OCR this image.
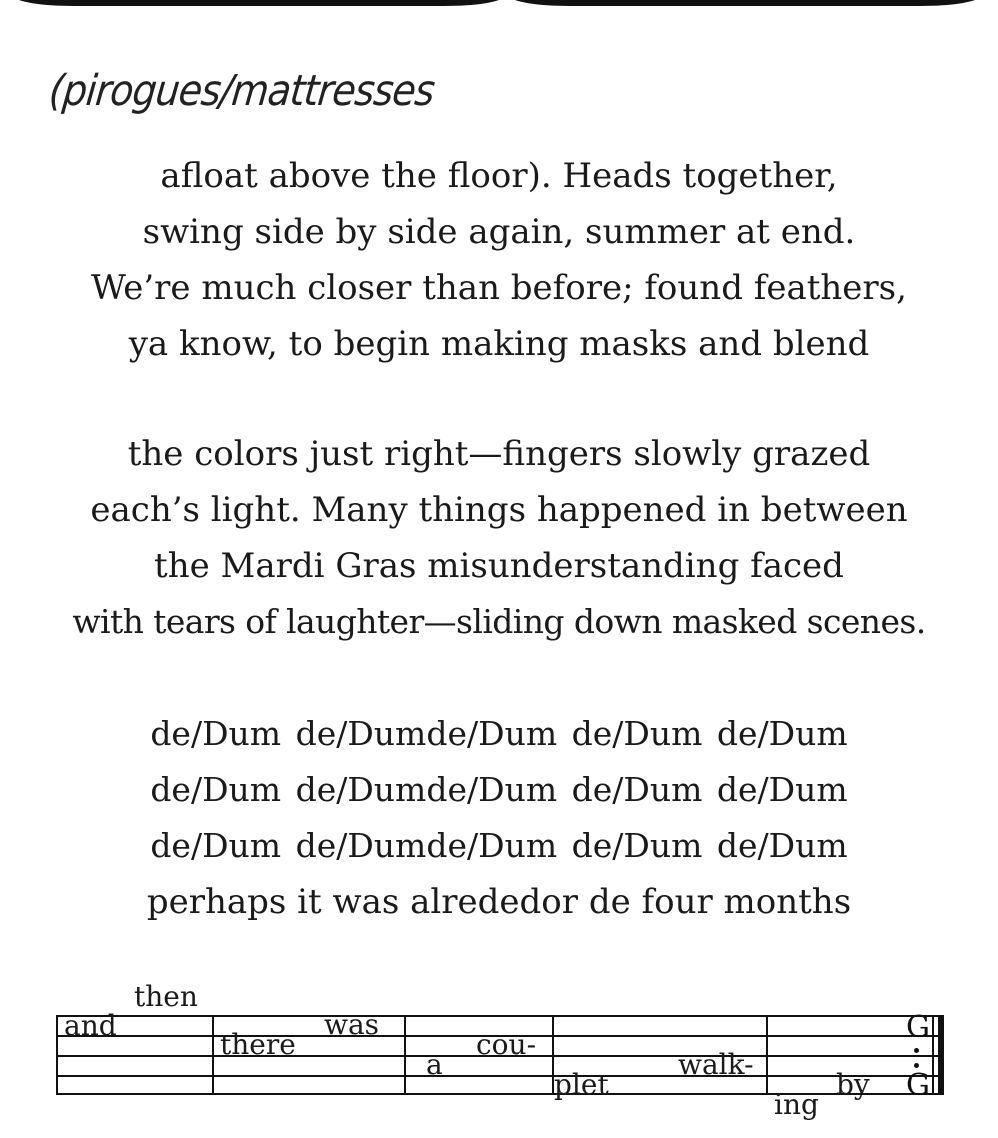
(pirogues/mattresses
afloat above the floor). Heads together,
swing side by side again, summer at end.
We’re much closer than before; found feathers,
ya know, to begin making masks and blend
the colors just right—fingers slowly grazed
each’s light. Many things happened in between
the Mardi Gras misunderstanding faced
with tears of laughter—sliding down masked scenes.
de/Dum de/Dumde/Dum de/Dum de/Dum
de/Dum de/Dumde/Dum de/Dum de/Dum
de/Dum de/Dumde/Dum de/Dum de/Dum
perhaps it was alrededor de four months
then
and
there
was
a
cou-
plet
walk-
ing
by
G
G
